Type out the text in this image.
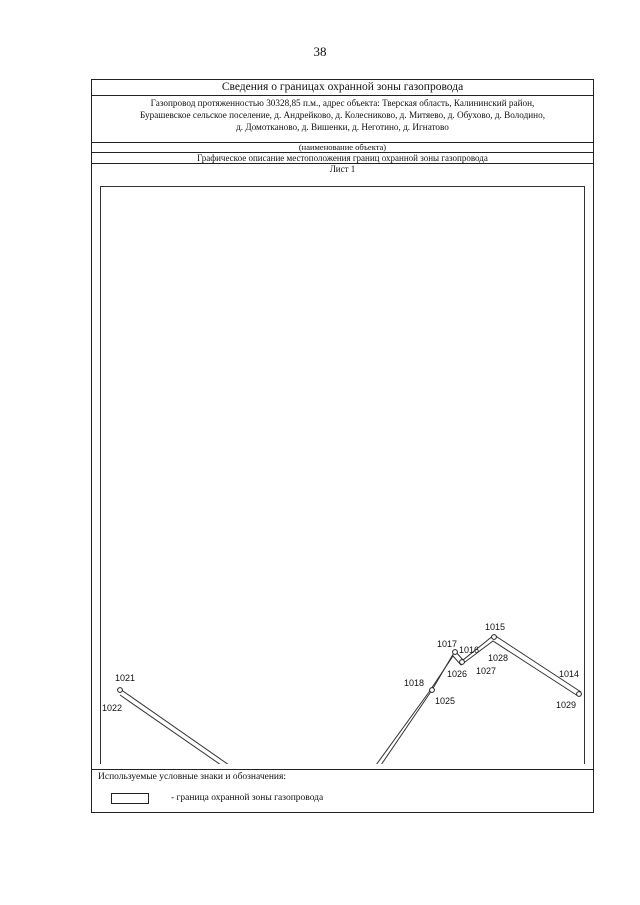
38
Сведения о границах охранной зоны газопровода
Газопровод протяженностью 30328,85 п.м., адрес объекта: Тверская область, Калининский район,
Бурашевское сельское поселение, д. Андрейково, д. Колесниково, д. Митяево, д. Обухово, д. Володино,
д. Домотканово, д. Вишенки, д. Неготино, д. Игнатово
(наименование объекта)
Графическое описание местоположения границ охранной зоны газопровода
Лист 1
1021
1022
1018
1025
1017
1016
1026 1027
1015
1028
1014
1029
Используемые условные знаки и обозначения:
- граница охранной зоны газопровода
